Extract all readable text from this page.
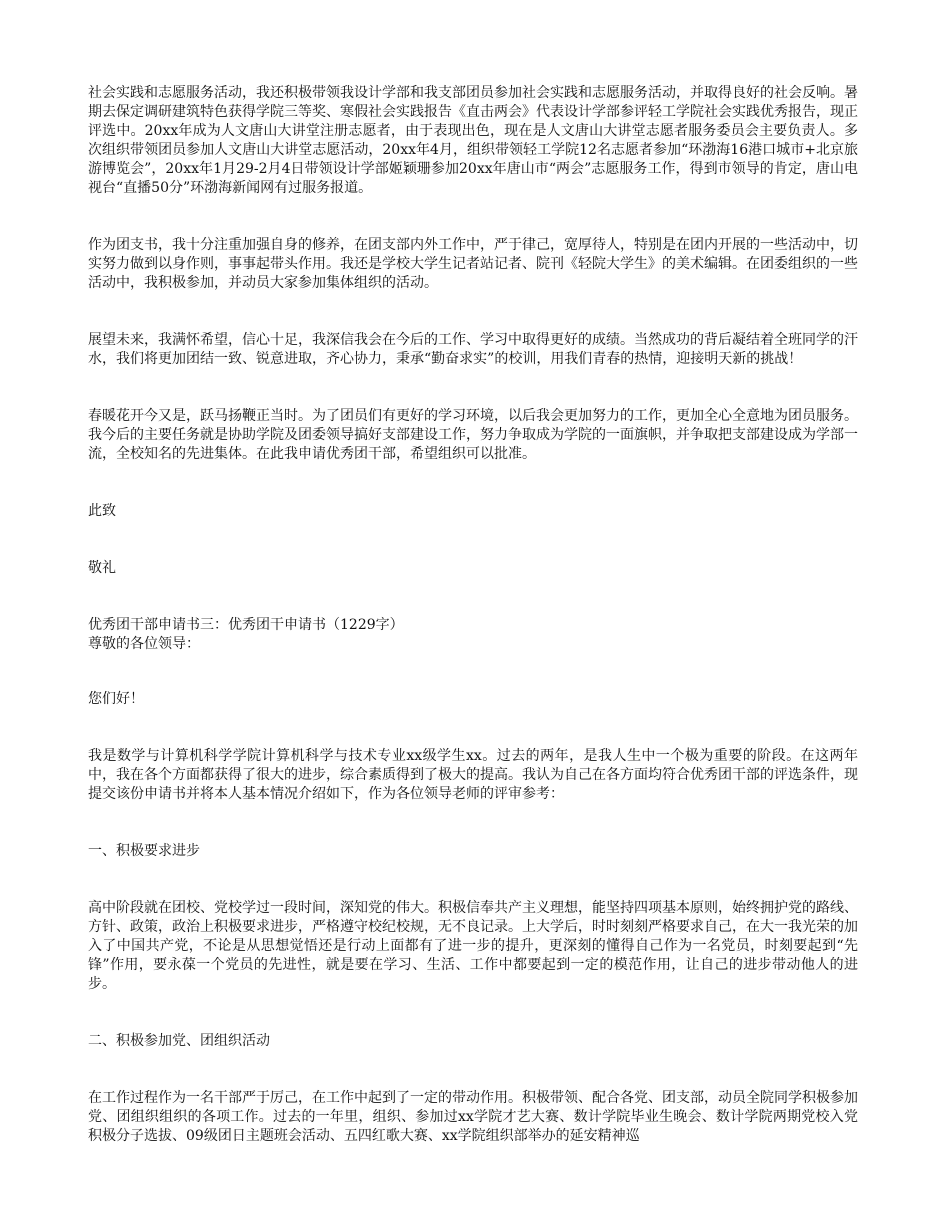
社会实践和志愿服务活动，我还积极带领我设计学部和我支部团员参加社会实践和志愿服务活动，并取得良好的社会反响。暑期去保定调研建筑特色获得学院三等奖、寒假社会实践报告《直击两会》代表设计学部参评轻工学院社会实践优秀报告，现正评选中。20xx年成为人文唐山大讲堂注册志愿者，由于表现出色，现在是人文唐山大讲堂志愿者服务委员会主要负责人。多次组织带领团员参加人文唐山大讲堂志愿活动，20xx年4月，组织带领轻工学院12名志愿者参加“环渤海16港口城市+北京旅游博览会”，20xx年1月29-2月4日带领设计学部姬颖珊参加20xx年唐山市“两会”志愿服务工作，得到市领导的肯定，唐山电视台“直播50分”环渤海新闻网有过服务报道。

作为团支书，我十分注重加强自身的修养，在团支部内外工作中，严于律己，宽厚待人，特别是在团内开展的一些活动中，切实努力做到以身作则，事事起带头作用。我还是学校大学生记者站记者、院刊《轻院大学生》的美术编辑。在团委组织的一些活动中，我积极参加，并动员大家参加集体组织的活动。

展望未来，我满怀希望，信心十足，我深信我会在今后的工作、学习中取得更好的成绩。当然成功的背后凝结着全班同学的汗水，我们将更加团结一致、锐意进取，齐心协力，秉承“勤奋求实”的校训，用我们青春的热情，迎接明天新的挑战！

春暖花开今又是，跃马扬鞭正当时。为了团员们有更好的学习环境，以后我会更加努力的工作，更加全心全意地为团员服务。我今后的主要任务就是协助学院及团委领导搞好支部建设工作，努力争取成为学院的一面旗帜，并争取把支部建设成为学部一流，全校知名的先进集体。在此我申请优秀团干部，希望组织可以批准。

此致

敬礼

优秀团干部申请书三：优秀团干申请书（1229字）

尊敬的各位领导：

您们好！

我是数学与计算机科学学院计算机科学与技术专业xx级学生xx。过去的两年，是我人生中一个极为重要的阶段。在这两年中，我在各个方面都获得了很大的进步，综合素质得到了极大的提高。我认为自己在各方面均符合优秀团干部的评选条件，现提交该份申请书并将本人基本情况介绍如下，作为各位领导老师的评审参考：

一、积极要求进步

高中阶段就在团校、党校学过一段时间，深知党的伟大。积极信奉共产主义理想，能坚持四项基本原则，始终拥护党的路线、方针、政策，政治上积极要求进步，严格遵守校纪校规，无不良记录。上大学后，时时刻刻严格要求自己，在大一我光荣的加入了中国共产党，不论是从思想觉悟还是行动上面都有了进一步的提升，更深刻的懂得自己作为一名党员，时刻要起到“先锋”作用，要永葆一个党员的先进性，就是要在学习、生活、工作中都要起到一定的模范作用，让自己的进步带动他人的进步。

二、积极参加党、团组织活动

在工作过程作为一名干部严于厉己，在工作中起到了一定的带动作用。积极带领、配合各党、团支部，动员全院同学积极参加党、团组织组织的各项工作。过去的一年里，组织、参加过xx学院才艺大赛、数计学院毕业生晚会、数计学院两期党校入党积极分子选拔、09级团日主题班会活动、五四红歌大赛、xx学院组织部举办的延安精神巡
